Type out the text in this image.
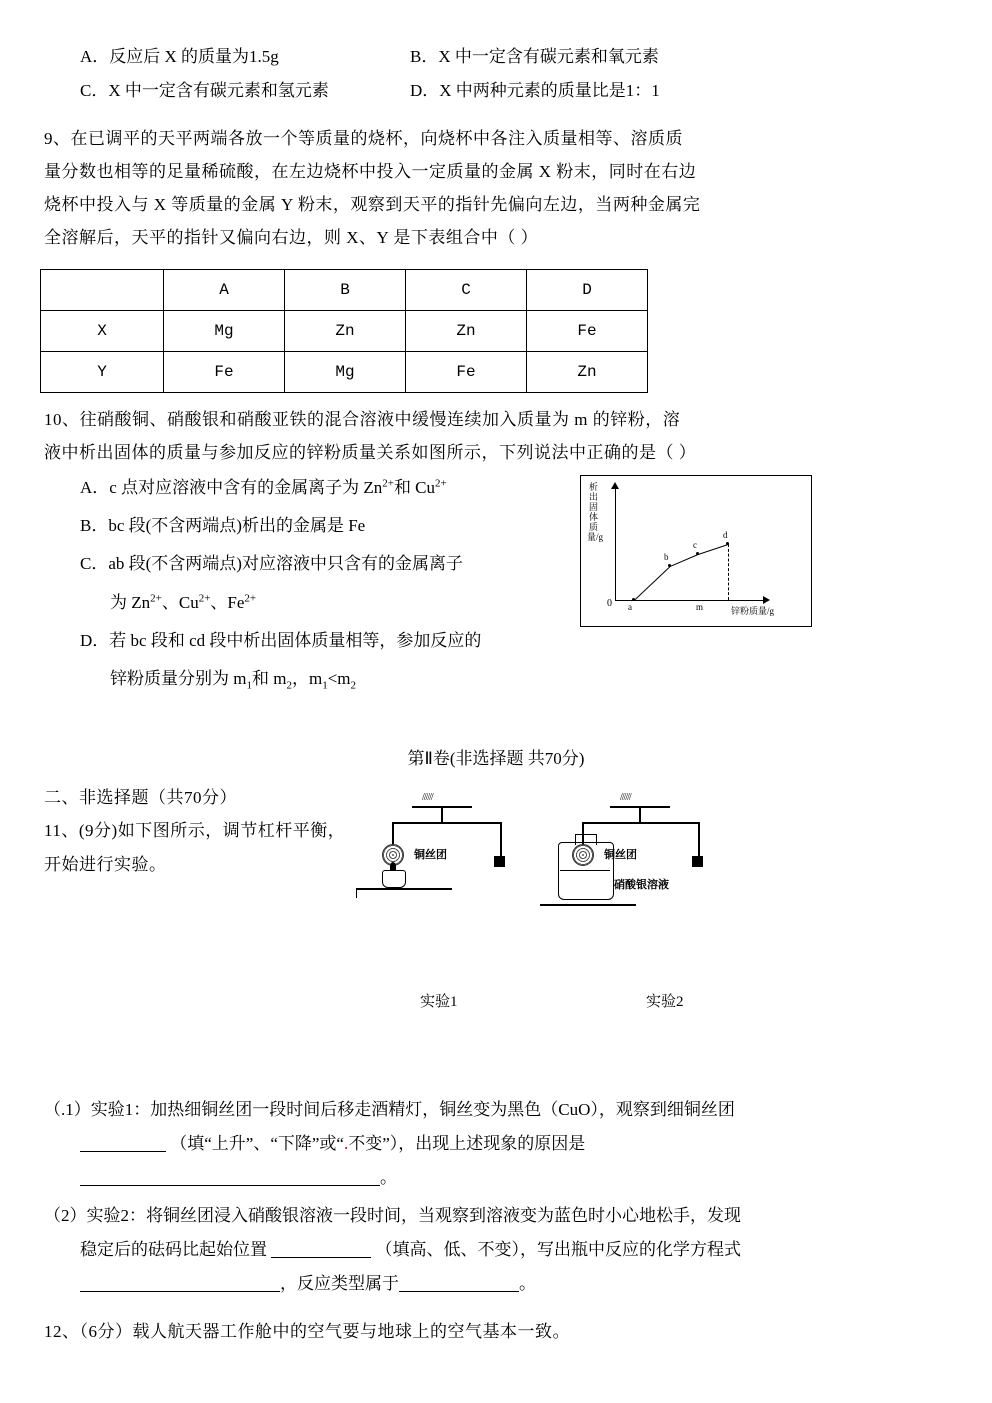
A．反应后 X 的质量为1.5g	B．X 中一定含有碳元素和氧元素
C．X 中一定含有碳元素和氢元素	D．X 中两种元素的质量比是1：1
9、在已调平的天平两端各放一个等质量的烧杯，向烧杯中各注入质量相等、溶质质
量分数也相等的足量稀硫酸，在左边烧杯中投入一定质量的金属 X 粉末，同时在右边
烧杯中投入与 X 等质量的金属 Y 粉末，观察到天平的指针先偏向左边，当两种金属完
全溶解后，天平的指针又偏向右边，则 X、Y 是下表组合中（ ）
	A	B	C	D
X	Mg	Zn	Zn	Fe
Y	Fe	Mg	Fe	Zn
10、往硝酸铜、硝酸银和硝酸亚铁的混合溶液中缓慢连续加入质量为 m 的锌粉，溶
液中析出固体的质量与参加反应的锌粉质量关系如图所示，下列说法中正确的是（ ）
A．c 点对应溶液中含有的金属离子为 $Zn^{2+}$和 $Cu^{2+}$
B．bc 段(不含两端点)析出的金属是 Fe
C．ab 段(不含两端点)对应溶液中只含有的金属离子
为 $Zn^{2+}$、$Cu^{2+}$、$Fe^{2+}$
D．若 bc 段和 cd 段中析出固体质量相等，参加反应的
锌粉质量分别为 $m_1$和 $m_2$，$m_1<m_2$
析出固体质量/g
锌粉质量/g
0	m
a
b
c
d
第Ⅱ卷(非选择题 共70分)
二、非选择题（共70分）
11、(9分)如下图所示，调节杠杆平衡，
开始进行实验。
//////
铜丝团
//////
铜丝团
硝酸银溶液
实验1	实验2
（.1）实验1：加热细铜丝团一段时间后移走酒精灯，铜丝变为黑色（CuO），观察到细铜丝团
（填“上升”、“下降”或“.不变”），出现上述现象的原因是
。
（2）实验2：将铜丝团浸入硝酸银溶液一段时间，当观察到溶液变为蓝色时小心地松手，发现
稳定后的砝码比起始位置	（填高、低、不变），写出瓶中反应的化学方程式
，反应类型属于	。
12、（6分）载人航天器工作舱中的空气要与地球上的空气基本一致。
